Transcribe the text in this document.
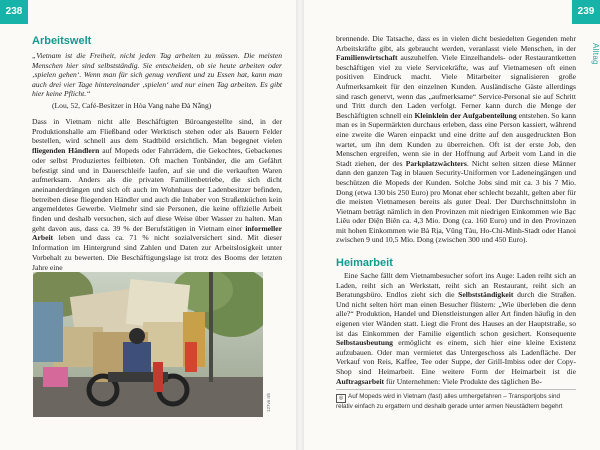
238
Arbeitswelt
„Vietnam ist die Freiheit, nicht jeden Tag arbeiten zu müssen. Die meisten Menschen hier sind selbstständig. Sie entscheiden, ob sie heute arbeiten oder ‚spielen gehen‘. Wenn man für sich genug verdient und zu Essen hat, kann man auch drei vier Tage hintereinander ‚spielen‘ und nur einen Tag arbeiten. Es gibt hier keine Pflicht.“
(Lou, 52, Café-Besitzer in Hòa Vang nahe Đà Nẵng)
Dass in Vietnam nicht alle Beschäftigten Büroangestellte sind, in der Produktionshalle am Fließband oder Werktisch stehen oder als Bauern Felder bestellen, wird schnell aus dem Stadtbild ersichtlich. Man begegnet vielen fliegenden Händlern auf Mopeds oder Fahrrädern, die Gekochtes, Gebackenes oder selbst Produziertes feilbieten. Oft machen Tonbänder, die am Gefährt befestigt sind und in Dauerschleife laufen, auf sie und die verkauften Waren aufmerksam. Anders als die privaten Familienbetriebe, die sich dicht aneinanderdrängen und sich oft auch im Wohnhaus der Ladenbesitzer befinden, betreiben diese fliegenden Händler und auch die Inhaber von Straßenküchen kein angemeldetes Gewerbe. Vielmehr sind sie Personen, die keine offizielle Arbeit finden und deshalb versuchen, sich auf diese Weise über Wasser zu halten. Man geht davon aus, dass ca. 39 % der Berufstätigen in Vietnam einer informeller Arbeit leben und dass ca. 71 % nicht sozialversichert sind. Mit dieser Information im Hintergrund sind Zahlen und Daten zur Arbeitslosigkeit unter Vorbehalt zu bewerten. Die Beschäftigungslage ist trotz des Booms der letzten Jahre eine
127vn rrb
239
Alltag
brennende. Die Tatsache, dass es in vielen dicht besiedelten Gegenden mehr Arbeitskräfte gibt, als gebraucht werden, veranlasst viele Menschen, in der Familienwirtschaft auszuhelfen. Viele Einzelhandels- oder Restaurantketten beschäftigen viel zu viele Servicekräfte, was auf Vietnamesen oft einen positiven Eindruck macht. Viele Mitarbeiter signalisieren große Aufmerksamkeit für den einzelnen Kunden. Ausländische Gäste allerdings sind rasch genervt, wenn das „aufmerksame“ Service-Personal sie auf Schritt und Tritt durch den Laden verfolgt. Ferner kann durch die Menge der Beschäftigten schnell ein Kleinklein der Aufgabenteilung entstehen. So kann man es in Supermärkten durchaus erleben, dass eine Person kassiert, während eine zweite die Waren einpackt und eine dritte auf den ausgedruckten Bon wartet, um ihn dem Kunden zu überreichen. Oft ist der erste Job, den Menschen ergreifen, wenn sie in der Hoffnung auf Arbeit vom Land in die Stadt ziehen, der des Parkplatzwächters. Nicht selten sitzen diese Männer dann den ganzen Tag in blauen Security-Uniformen vor Ladeneingängen und beschützen die Mopeds der Kunden. Solche Jobs sind mit ca. 3 bis 7 Mio. Dong (etwa 130 bis 250 Euro) pro Monat eher schlecht bezahlt, gelten aber für die meisten Vietnamesen bereits als guter Deal. Der Durchschnittslohn in Vietnam beträgt nämlich in den Provinzen mit niedrigen Einkommen wie Bạc Liêu oder Điện Biên ca. 4,3 Mio. Dong (ca. 160 Euro) und in den Provinzen mit hohen Einkommen wie Bà Rịa, Vũng Tàu, Ho-Chi-Minh-Stadt oder Hanoi zwischen 9 und 10,5 Mio. Dong (zwischen 300 und 450 Euro).
Heimarbeit
Eine Sache fällt dem Vietnambesucher sofort ins Auge: Laden reiht sich an Laden, reiht sich an Werkstatt, reiht sich an Restaurant, reiht sich an Beratungsbüro. Endlos zieht sich die Selbstständigkeit durch die Straßen. Und nicht selten hört man einen Besucher flüstern: „Wie überleben die denn alle?“ Produktion, Handel und Dienstleistungen aller Art finden häufig in den eigenen vier Wänden statt. Liegt die Front des Hauses an der Hauptstraße, so ist das Einkommen der Familie eigentlich schon gesichert. Konsequente Selbstausbeutung ermöglicht es einem, sich hier eine kleine Existenz aufzubauen. Oder man vermietet das Untergeschoss als Ladenfläche. Der Verkauf von Reis, Kaffee, Tee oder Suppe, der Grill-Imbiss oder der Copy-Shop sind Heimarbeit. Eine weitere Form der Heimarbeit ist die Auftragsarbeit für Unternehmen: Viele Produkte des täglichen Be-
◎ Auf Mopeds wird in Vietnam (fast) alles umhergefahren – Transportjobs sind relativ einfach zu ergattern und deshalb gerade unter armen Neustädtern begehrt
